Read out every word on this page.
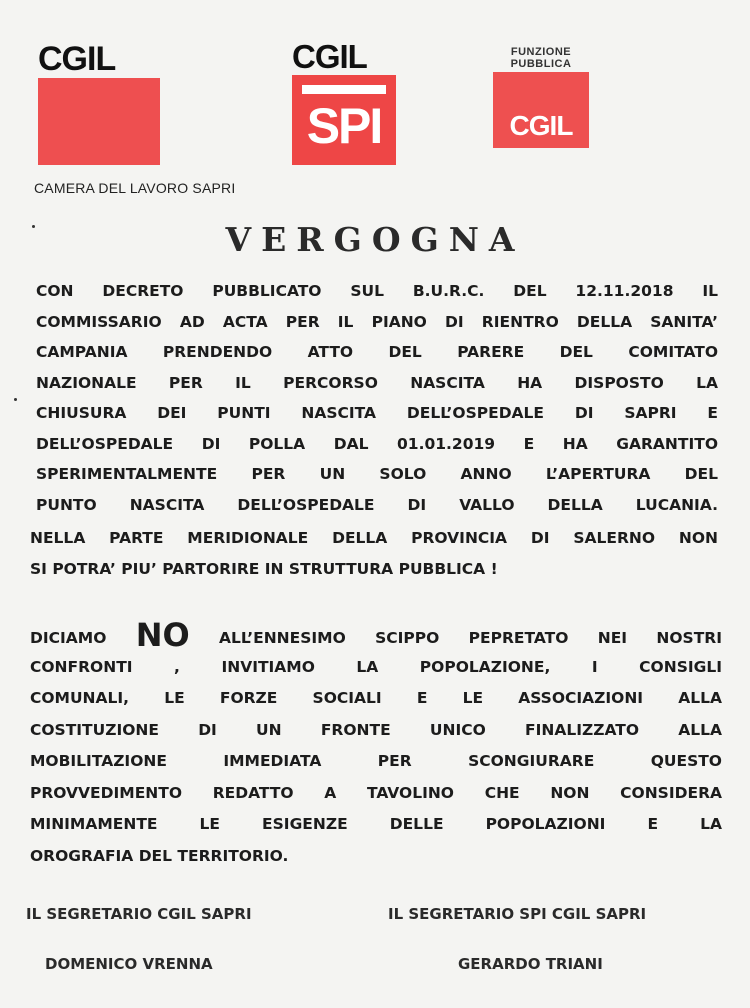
CGIL	CGIL
SPI
FUNZIONE
PUBBLICA
CGIL
CAMERA DEL LAVORO SAPRI
VERGOGNA
CON DECRETO PUBBLICATO SUL B.U.R.C. DEL 12.11.2018 IL
COMMISSARIO AD ACTA PER IL PIANO DI RIENTRO DELLA SANITA’
CAMPANIA PRENDENDO ATTO DEL PARERE DEL COMITATO
NAZIONALE PER IL PERCORSO NASCITA HA DISPOSTO LA
CHIUSURA DEI PUNTI NASCITA DELL’OSPEDALE DI SAPRI E
DELL’OSPEDALE DI POLLA DAL 01.01.2019 E HA GARANTITO
SPERIMENTALMENTE PER UN SOLO ANNO L’APERTURA DEL
PUNTO NASCITA DELL’OSPEDALE DI VALLO DELLA LUCANIA.
NELLA PARTE MERIDIONALE DELLA PROVINCIA DI SALERNO NON
SI POTRA’ PIU’ PARTORIRE IN STRUTTURA PUBBLICA !
DICIAMO NO ALL’ENNESIMO SCIPPO PEPRETATO NEI NOSTRI
CONFRONTI , INVITIAMO LA POPOLAZIONE, I CONSIGLI
COMUNALI, LE FORZE SOCIALI E LE ASSOCIAZIONI ALLA
COSTITUZIONE DI UN FRONTE UNICO FINALIZZATO ALLA
MOBILITAZIONE IMMEDIATA PER SCONGIURARE QUESTO
PROVVEDIMENTO REDATTO A TAVOLINO CHE NON CONSIDERA
MINIMAMENTE LE ESIGENZE DELLE POPOLAZIONI E LA
OROGRAFIA DEL TERRITORIO.
IL SEGRETARIO CGIL SAPRI	IL SEGRETARIO SPI CGIL SAPRI
DOMENICO VRENNA	GERARDO TRIANI
